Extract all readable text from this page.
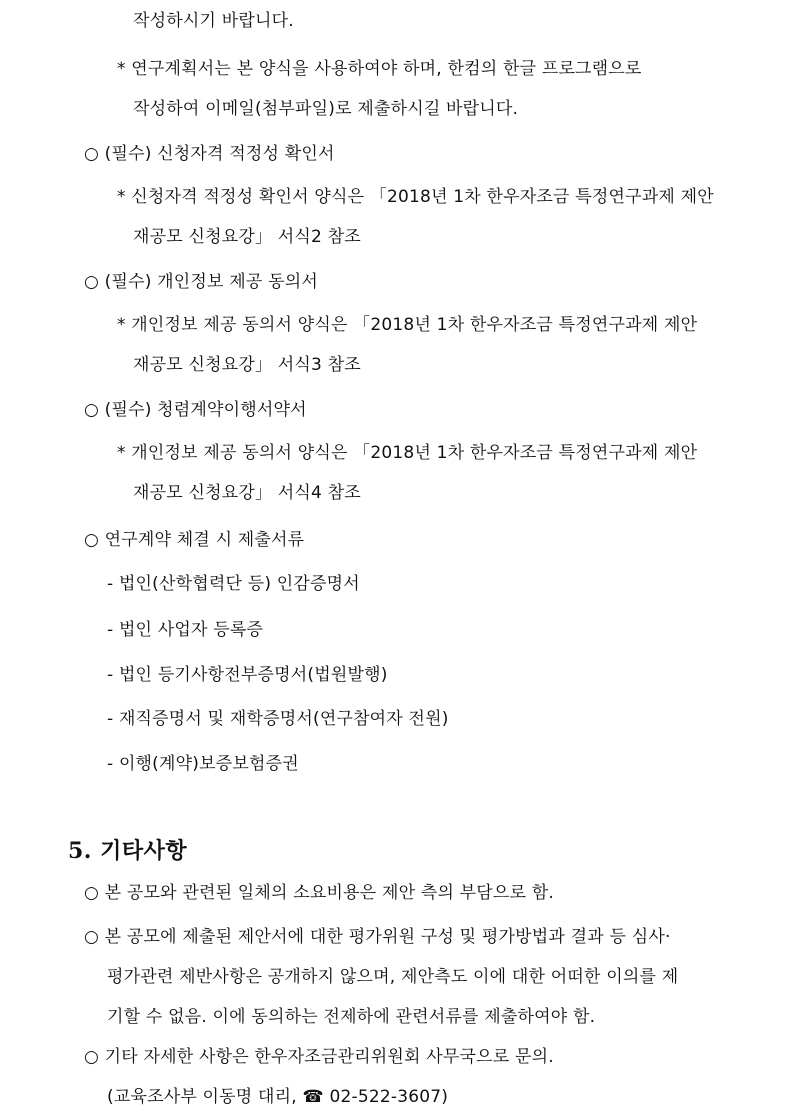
작성하시기 바랍니다.
* 연구계획서는 본 양식을 사용하여야 하며, 한컴의 한글 프로그램으로
작성하여 이메일(첨부파일)로 제출하시길 바랍니다.
○ (필수) 신청자격 적정성 확인서
* 신청자격 적정성 확인서 양식은 「2018년 1차 한우자조금 특정연구과제 제안
재공모 신청요강」 서식2 참조
○ (필수) 개인정보 제공 동의서
* 개인정보 제공 동의서 양식은 「2018년 1차 한우자조금 특정연구과제 제안
재공모 신청요강」 서식3 참조
○ (필수) 청렴계약이행서약서
* 개인정보 제공 동의서 양식은 「2018년 1차 한우자조금 특정연구과제 제안
재공모 신청요강」 서식4 참조
○ 연구계약 체결 시 제출서류
- 법인(산학협력단 등) 인감증명서
- 법인 사업자 등록증
- 법인 등기사항전부증명서(법원발행)
- 재직증명서 및 재학증명서(연구참여자 전원)
- 이행(계약)보증보험증권
5. 기타사항
○ 본 공모와 관련된 일체의 소요비용은 제안 측의 부담으로 함.
○ 본 공모에 제출된 제안서에 대한 평가위원 구성 및 평가방법과 결과 등 심사·
평가관련 제반사항은 공개하지 않으며, 제안측도 이에 대한 어떠한 이의를 제
기할 수 없음. 이에 동의하는 전제하에 관련서류를 제출하여야 함.
○ 기타 자세한 사항은 한우자조금관리위원회 사무국으로 문의.
(교육조사부 이동명 대리, ☎ 02-522-3607)
